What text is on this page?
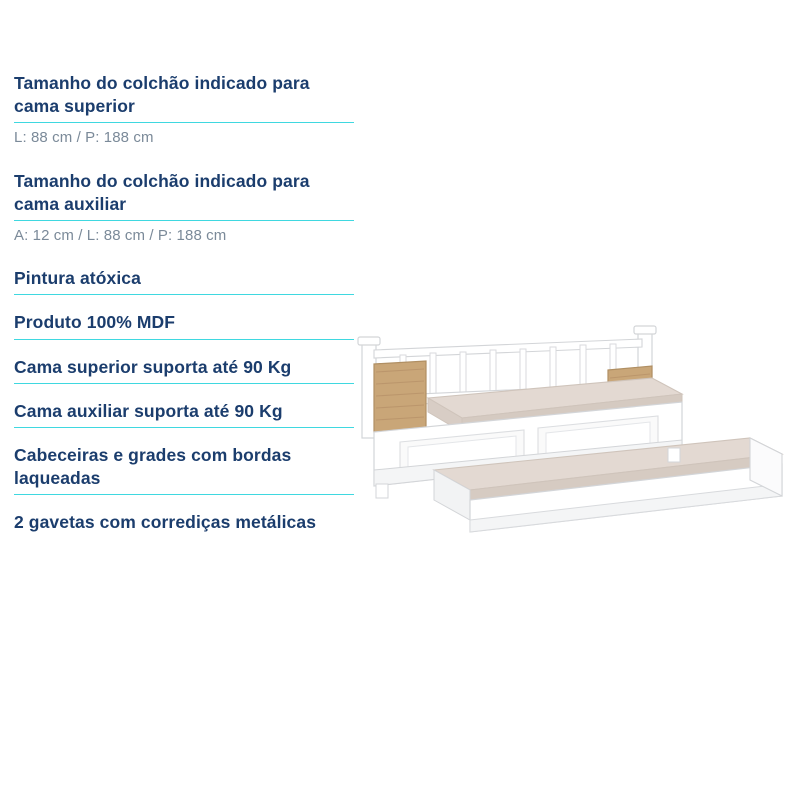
Tamanho do colchão indicado para cama superior

L: 88 cm / P: 188 cm

Tamanho do colchão indicado para cama auxiliar

A: 12 cm / L: 88 cm / P: 188 cm

Pintura atóxica

Produto 100% MDF

Cama superior suporta até 90 Kg

Cama auxiliar suporta até 90 Kg

Cabeceiras e grades com bordas laqueadas

2 gavetas com corrediças metálicas
